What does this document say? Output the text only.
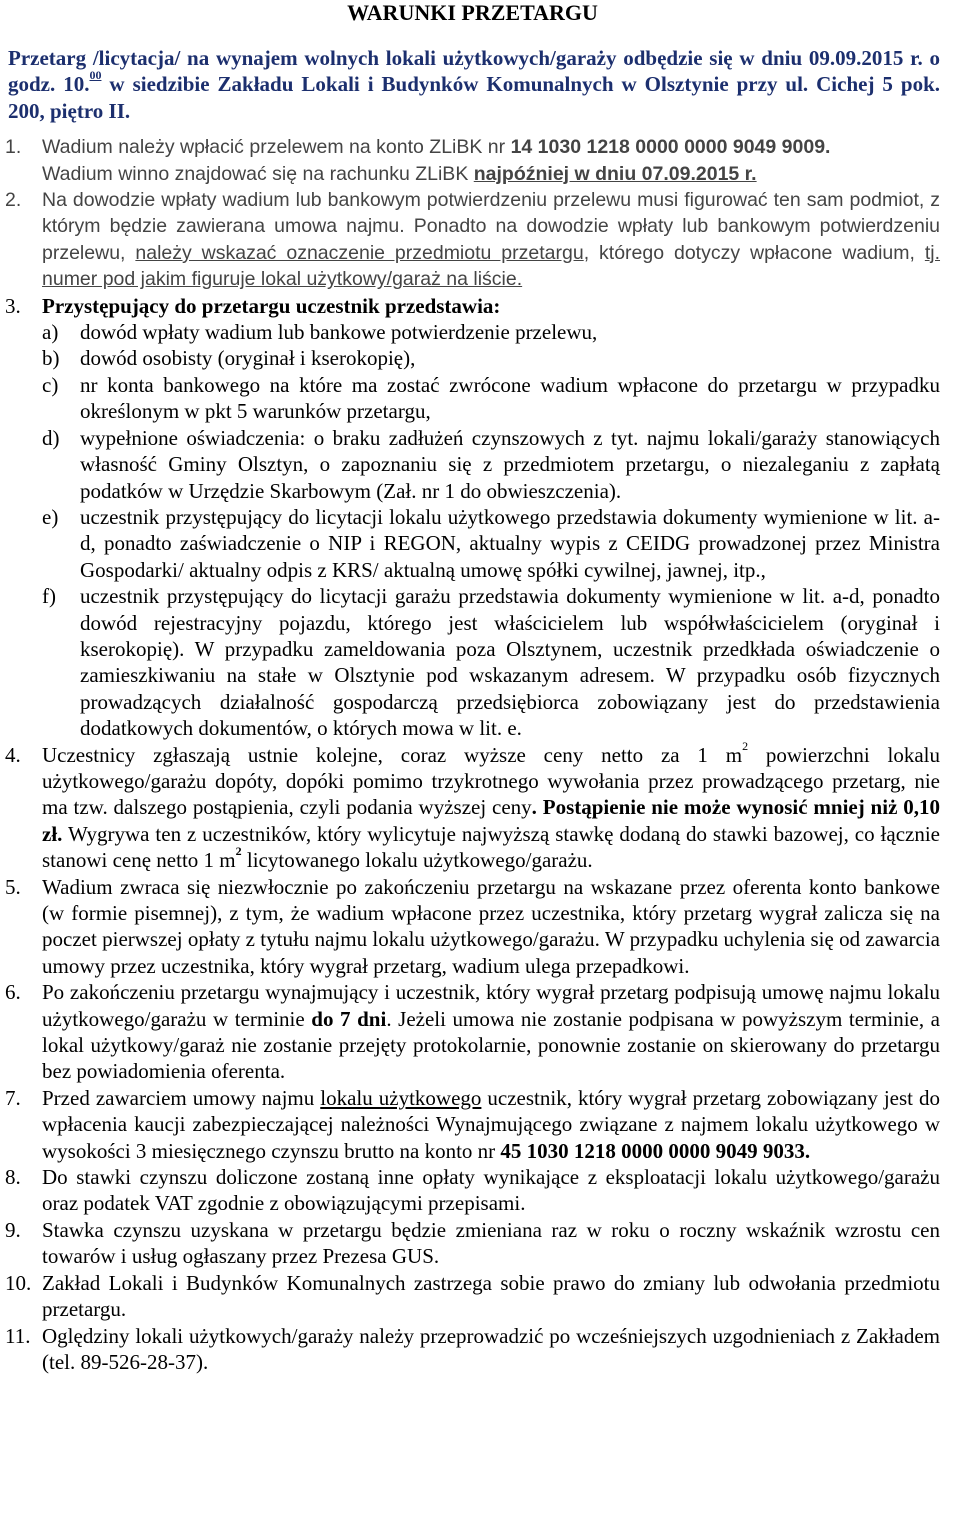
WARUNKI PRZETARGU
Przetarg /licytacja/ na wynajem wolnych lokali użytkowych/garaży odbędzie się w dniu 09.09.2015 r. o godz. 10.00 w siedzibie Zakładu Lokali i Budynków Komunalnych w Olsztynie przy ul. Cichej 5 pok. 200, piętro II.
1.	Wadium należy wpłacić przelewem na konto ZLiBK nr 14 1030 1218 0000 0000 9049 9009.
Wadium winno znajdować się na rachunku ZLiBK najpóźniej w dniu 07.09.2015 r.
2.	Na dowodzie wpłaty wadium lub bankowym potwierdzeniu przelewu musi figurować ten sam podmiot, z którym będzie zawierana umowa najmu. Ponadto na dowodzie wpłaty lub bankowym potwierdzeniu przelewu, należy wskazać oznaczenie przedmiotu przetargu, którego dotyczy wpłacone wadium, tj. numer pod jakim figuruje lokal użytkowy/garaż na liście.
3.	Przystępujący do przetargu uczestnik przedstawia:
a) dowód wpłaty wadium lub bankowe potwierdzenie przelewu,
b) dowód osobisty (oryginał i kserokopię),
c) nr konta bankowego na które ma zostać zwrócone wadium wpłacone do przetargu w przypadku określonym w pkt 5 warunków przetargu,
d) wypełnione oświadczenia: o braku zadłużeń czynszowych z tyt. najmu lokali/garaży stanowiących własność Gminy Olsztyn, o zapoznaniu się z przedmiotem przetargu, o niezaleganiu z zapłatą podatków w Urzędzie Skarbowym (Zał. nr 1 do obwieszczenia).
e) uczestnik przystępujący do licytacji lokalu użytkowego przedstawia dokumenty wymienione w lit. a-d, ponadto zaświadczenie o NIP i REGON, aktualny wypis z CEIDG prowadzonej przez Ministra Gospodarki/ aktualny odpis z KRS/ aktualną umowę spółki cywilnej, jawnej, itp.,
f) uczestnik przystępujący do licytacji garażu przedstawia dokumenty wymienione w lit. a-d, ponadto dowód rejestracyjny pojazdu, którego jest właścicielem lub współwłaścicielem (oryginał i kserokopię). W przypadku zameldowania poza Olsztynem, uczestnik przedkłada oświadczenie o zamieszkiwaniu na stałe w Olsztynie pod wskazanym adresem. W przypadku osób fizycznych prowadzących działalność gospodarczą przedsiębiorca zobowiązany jest do przedstawienia dodatkowych dokumentów, o których mowa w lit. e.
4.	Uczestnicy zgłaszają ustnie kolejne, coraz wyższe ceny netto za 1 $m^2$ powierzchni lokalu użytkowego/garażu dopóty, dopóki pomimo trzykrotnego wywołania przez prowadzącego przetarg, nie ma tzw. dalszego postąpienia, czyli podania wyższej ceny. Postąpienie nie może wynosić mniej niż 0,10 zł. Wygrywa ten z uczestników, który wylicytuje najwyższą stawkę dodaną do stawki bazowej, co łącznie stanowi cenę netto 1 $m^2$ licytowanego lokalu użytkowego/garażu.
5.	Wadium zwraca się niezwłocznie po zakończeniu przetargu na wskazane przez oferenta konto bankowe (w formie pisemnej), z tym, że wadium wpłacone przez uczestnika, który przetarg wygrał zalicza się na poczet pierwszej opłaty z tytułu najmu lokalu użytkowego/garażu. W przypadku uchylenia się od zawarcia umowy przez uczestnika, który wygrał przetarg, wadium ulega przepadkowi.
6.	Po zakończeniu przetargu wynajmujący i uczestnik, który wygrał przetarg podpisują umowę najmu lokalu użytkowego/garażu w terminie do 7 dni. Jeżeli umowa nie zostanie podpisana w powyższym terminie, a lokal użytkowy/garaż nie zostanie przejęty protokolarnie, ponownie zostanie on skierowany do przetargu bez powiadomienia oferenta.
7.	Przed zawarciem umowy najmu lokalu użytkowego uczestnik, który wygrał przetarg zobowiązany jest do wpłacenia kaucji zabezpieczającej należności Wynajmującego związane z najmem lokalu użytkowego w wysokości 3 miesięcznego czynszu brutto na konto nr 45 1030 1218 0000 0000 9049 9033.
8.	Do stawki czynszu doliczone zostaną inne opłaty wynikające z eksploatacji lokalu użytkowego/garażu oraz podatek VAT zgodnie z obowiązującymi przepisami.
9.	Stawka czynszu uzyskana w przetargu będzie zmieniana raz w roku o roczny wskaźnik wzrostu cen towarów i usług ogłaszany przez Prezesa GUS.
10. Zakład Lokali i Budynków Komunalnych zastrzega sobie prawo do zmiany lub odwołania przedmiotu przetargu.
11. Oględziny lokali użytkowych/garaży należy przeprowadzić po wcześniejszych uzgodnieniach z Zakładem (tel. 89-526-28-37).
